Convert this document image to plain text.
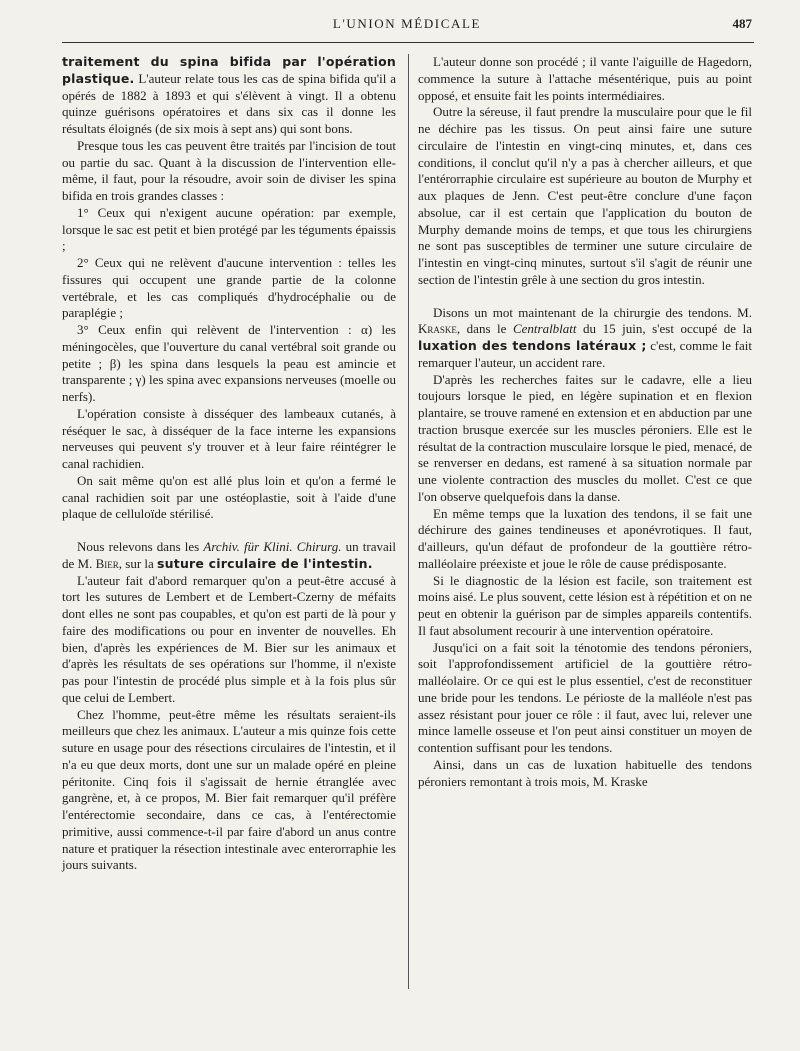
L'UNION MÉDICALE	487

traitement du spina bifida par l'opération plastique. L'auteur relate tous les cas de spina bifida qu'il a opérés de 1882 à 1893 et qui s'élèvent à vingt. Il a obtenu quinze guérisons opératoires et dans six cas il donne les résultats éloignés (de six mois à sept ans) qui sont bons.

Presque tous les cas peuvent être traités par l'incision de tout ou partie du sac. Quant à la discussion de l'intervention elle-même, il faut, pour la résoudre, avoir soin de diviser les spina bifida en trois grandes classes :

1° Ceux qui n'exigent aucune opération: par exemple, lorsque le sac est petit et bien protégé par les téguments épaissis ;

2° Ceux qui ne relèvent d'aucune intervention : telles les fissures qui occupent une grande partie de la colonne vertébrale, et les cas compliqués d'hydrocéphalie ou de paraplégie ;

3° Ceux enfin qui relèvent de l'intervention : α) les méningocèles, que l'ouverture du canal vertébral soit grande ou petite ; β) les spina dans lesquels la peau est amincie et transparente ; γ) les spina avec expansions nerveuses (moelle ou nerfs).

L'opération consiste à disséquer des lambeaux cutanés, à réséquer le sac, à disséquer de la face interne les expansions nerveuses qui peuvent s'y trouver et à leur faire réintégrer le canal rachidien.

On sait même qu'on est allé plus loin et qu'on a fermé le canal rachidien soit par une ostéoplastie, soit à l'aide d'une plaque de celluloïde stérilisé.

Nous relevons dans les Archiv. für Klini. Chirurg. un travail de M. Bier, sur la suture circulaire de l'intestin.

L'auteur fait d'abord remarquer qu'on a peut-être accusé à tort les sutures de Lembert et de Lembert-Czerny de méfaits dont elles ne sont pas coupables, et qu'on est parti de là pour y faire des modifications ou pour en inventer de nouvelles. Eh bien, d'après les expériences de M. Bier sur les animaux et d'après les résultats de ses opérations sur l'homme, il n'existe pas pour l'intestin de procédé plus simple et à la fois plus sûr que celui de Lembert.

Chez l'homme, peut-être même les résultats seraient-ils meilleurs que chez les animaux. L'auteur a mis quinze fois cette suture en usage pour des résections circulaires de l'intestin, et il n'a eu que deux morts, dont une sur un malade opéré en pleine péritonite. Cinq fois il s'agissait de hernie étranglée avec gangrène, et, à ce propos, M. Bier fait remarquer qu'il préfère l'entérectomie secondaire, dans ce cas, à l'entérectomie primitive, aussi commence-t-il par faire d'abord un anus contre nature et pratiquer la résection intestinale avec enterorraphie les jours suivants.

L'auteur donne son procédé ; il vante l'aiguille de Hagedorn, commence la suture à l'attache mésentérique, puis au point opposé, et ensuite fait les points intermédiaires.

Outre la séreuse, il faut prendre la musculaire pour que le fil ne déchire pas les tissus. On peut ainsi faire une suture circulaire de l'intestin en vingt-cinq minutes, et, dans ces conditions, il conclut qu'il n'y a pas à chercher ailleurs, et que l'entérorraphie circulaire est supérieure au bouton de Murphy et aux plaques de Jenn. C'est peut-être conclure d'une façon absolue, car il est certain que l'application du bouton de Murphy demande moins de temps, et que tous les chirurgiens ne sont pas susceptibles de terminer une suture circulaire de l'intestin en vingt-cinq minutes, surtout s'il s'agit de réunir une section de l'intestin grêle à une section du gros intestin.

Disons un mot maintenant de la chirurgie des tendons. M. Kraske, dans le Centralblatt du 15 juin, s'est occupé de la luxation des tendons latéraux ; c'est, comme le fait remarquer l'auteur, un accident rare.

D'après les recherches faites sur le cadavre, elle a lieu toujours lorsque le pied, en légère supination et en flexion plantaire, se trouve ramené en extension et en abduction par une traction brusque exercée sur les muscles péroniers. Elle est le résultat de la contraction musculaire lorsque le pied, menacé, de se renverser en dedans, est ramené à sa situation normale par une violente contraction des muscles du mollet. C'est ce que l'on observe quelquefois dans la danse.

En même temps que la luxation des tendons, il se fait une déchirure des gaines tendineuses et aponévrotiques. Il faut, d'ailleurs, qu'un défaut de profondeur de la gouttière rétro-malléolaire préexiste et joue le rôle de cause prédisposante.

Si le diagnostic de la lésion est facile, son traitement est moins aisé. Le plus souvent, cette lésion est à répétition et on ne peut en obtenir la guérison par de simples appareils contentifs. Il faut absolument recourir à une intervention opératoire.

Jusqu'ici on a fait soit la ténotomie des tendons péroniers, soit l'approfondissement artificiel de la gouttière rétro-malléolaire. Or ce qui est le plus essentiel, c'est de reconstituer une bride pour les tendons. Le périoste de la malléole n'est pas assez résistant pour jouer ce rôle : il faut, avec lui, relever une mince lamelle osseuse et l'on peut ainsi constituer un moyen de contention suffisant pour les tendons.

Ainsi, dans un cas de luxation habituelle des tendons péroniers remontant à trois mois, M. Kraske
